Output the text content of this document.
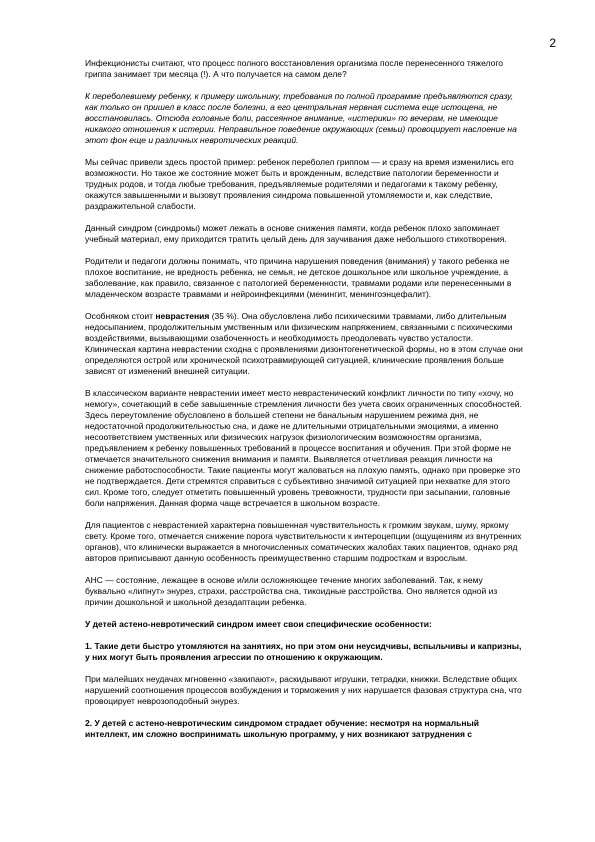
2

Инфекционисты считают, что процесс полного восстановления организма после перенесенного тяжелого гриппа занимает три месяца (!). А что получается на самом деле?

К переболевшему ребенку, к примеру школьнику, требования по полной программе предъявляются сразу, как только он пришел в класс после болезни, а его центральная нервная система еще истощена, не восстановилась. Отсюда головные боли, рассеянное внимание, «истерики» по вечерам, не имеющие никакого отношения к истерии. Неправильное поведение окружающих (семьи) провоцирует наслоение на этот фон еще и различных невротических реакций.

Мы сейчас привели здесь простой пример: ребенок переболел гриппом — и сразу на время изменились его возможности. Но такое же состояние может быть и врожденным, вследствие патологии беременности и трудных родов, и тогда любые требования, предъявляемые родителями и педагогами к такому ребенку, окажутся завышенными и вызовут проявления синдрома повышенной утомляемости и, как следствие, раздражительной слабости.

Данный синдром (синдромы) может лежать в основе снижения памяти, когда ребенок плохо запоминает учебный материал, ему приходится тратить целый день для заучивания даже небольшого стихотворения.

Родители и педагоги должны понимать, что причина нарушения поведения (внимания) у такого ребенка не плохое воспитание, не вредность ребенка, не семья, не детское дошкольное или школьное учреждение, а заболевание, как правило, связанное с патологией беременности, травмами родами или перенесенными в младенческом возрасте травмами и нейроинфекциями (менингит, менингоэнцефалит).

Особняком стоит неврастения (35 %). Она обусловлена либо психическими травмами, либо длительным недосыпанием, продолжительным умственным или физическим напряжением, связанными с психическими воздействиями, вызывающими озабоченность и необходимость преодолевать чувство усталости. Клиническая картина неврастении сходна с проявлениями дизонтогенетической формы, но в этом случае они определяются острой или хронической психотравмирующей ситуацией, клинические проявления больше зависят от изменений внешней ситуации.

В классическом варианте неврастении имеет место неврастенический конфликт личности по типу «хочу, но немогу», сочетающий в себе завышенные стремления личности без учета своих ограниченных способностей. Здесь переутомление обусловлено в большей степени не банальным нарушением режима дня, не недостаточной продолжительностью сна, и даже не длительными отрицательными эмоциями, а именно несоответствием умственных или физических нагрузок физиологическим возможностям организма, предъявлением к ребенку повышенных требований в процессе воспитания и обучения. При этой форме не отмечается значительного снижения внимания и памяти. Выявляется отчетливая реакция личности на снижение работоспособности. Такие пациенты могут жаловаться на плохую память, однако при проверке это не подтверждается. Дети стремятся справиться с субъективно значимой ситуацией при нехватке для этого сил. Кроме того, следует отметить повышенный уровень тревожности, трудности при засыпании, головные боли напряжения. Данная форма чаще встречается в школьном возрасте.

Для пациентов с неврастенией характерна повышенная чувствительность к громким звукам, шуму, яркому свету. Кроме того, отмечается снижение порога чувствительности к интероцепции (ощущениям из внутренних органов), что клинически выражается в многочисленных соматических жалобах таких пациентов, однако ряд авторов приписывают данную особенность преимущественно старшим подросткам и взрослым.

АНС — состояние, лежащее в основе и/или осложняющее течение многих заболеваний. Так, к нему буквально «липнут» энурез, страхи, расстройства сна, тикоидные расстройства. Оно является одной из причин дошкольной и школьной дезадаптации ребенка.

У детей астено-невротический синдром имеет свои специфические особенности:

1. Такие дети быстро утомляются на занятиях, но при этом они неусидчивы, вспыльчивы и капризны, у них могут быть проявления агрессии по отношению к окружающим.

При малейших неудачах мгновенно «закипают», раскидывают игрушки, тетрадки, книжки. Вследствие общих нарушений соотношения процессов возбуждения и торможения у них нарушается фазовая структура сна, что провоцирует неврозоподобный энурез.

2. У детей с астено-невротическим синдромом страдает обучение: несмотря на нормальный интеллект, им сложно воспринимать школьную программу, у них возникают затруднения с
